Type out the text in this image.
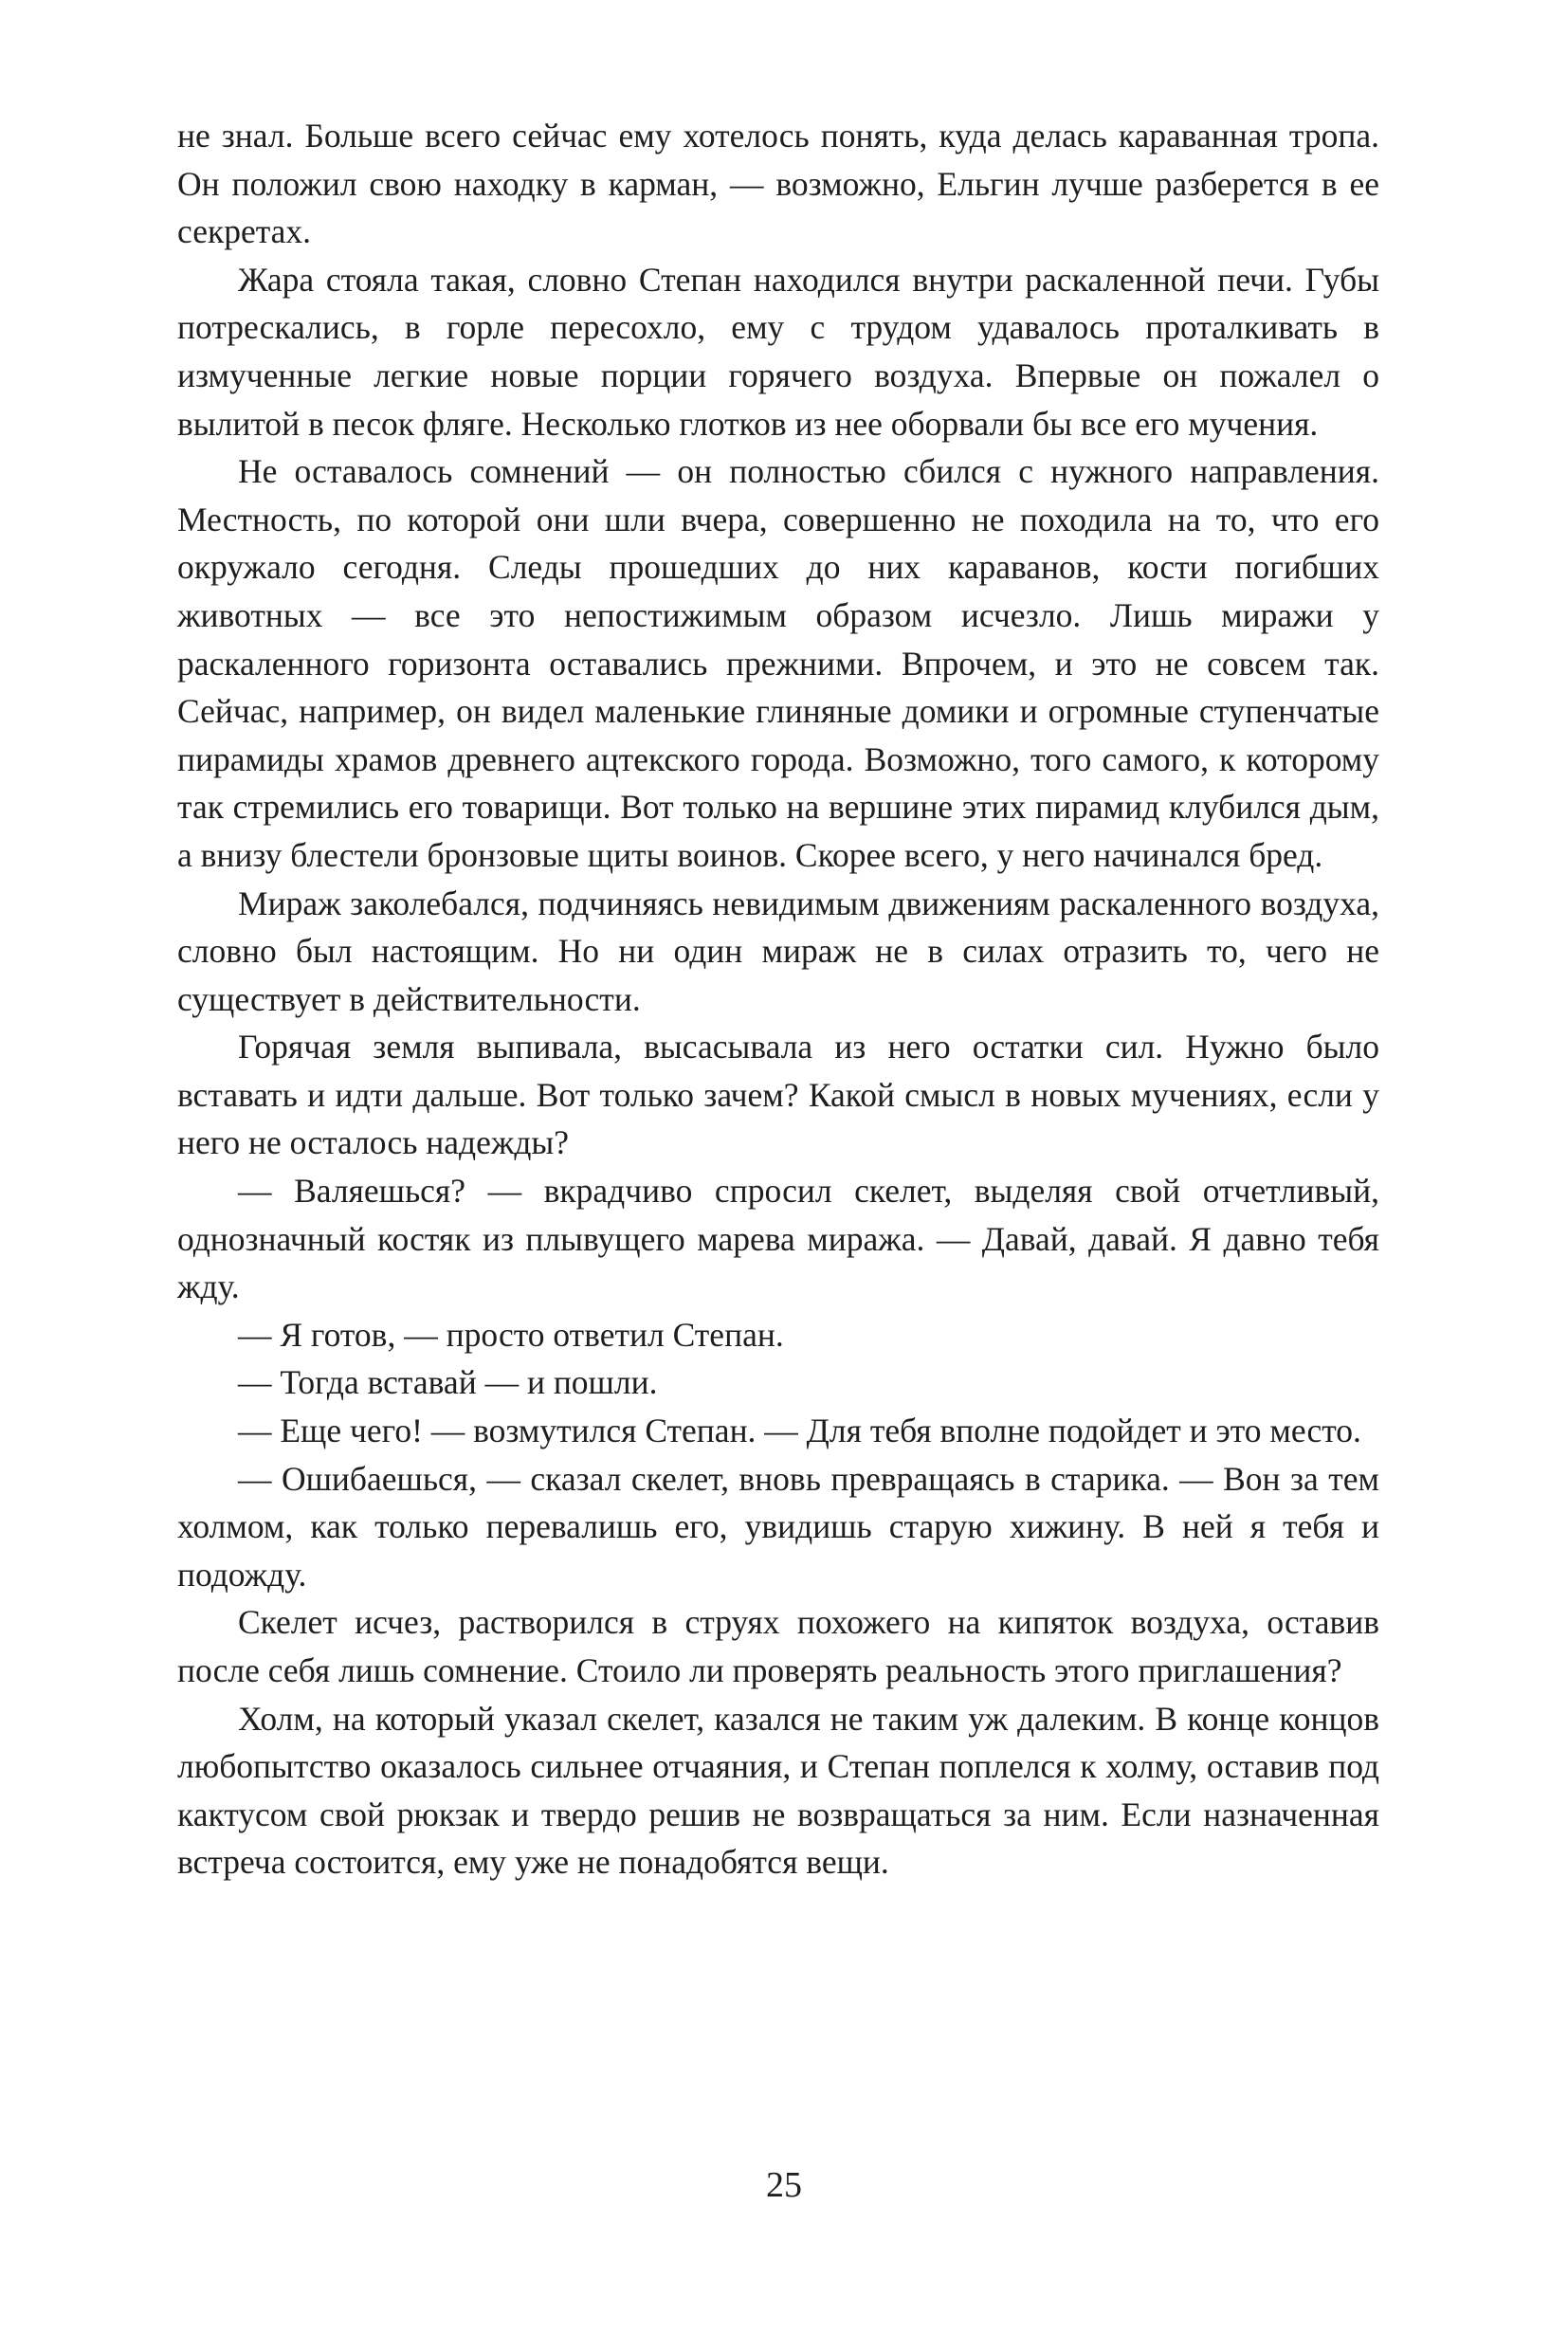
не знал. Больше всего сейчас ему хотелось понять, куда делась караванная тропа. Он положил свою находку в карман, — возможно, Ельгин лучше разберется в ее секретах.

Жара стояла такая, словно Степан находился внутри раскаленной печи. Губы потрескались, в горле пересохло, ему с трудом удавалось проталкивать в измученные легкие новые порции горячего воздуха. Впервые он пожалел о вылитой в песок фляге. Несколько глотков из нее оборвали бы все его мучения.

Не оставалось сомнений — он полностью сбился с нужного направления. Местность, по которой они шли вчера, совершенно не походила на то, что его окружало сегодня. Следы прошедших до них караванов, кости погибших животных — все это непостижимым образом исчезло. Лишь миражи у раскаленного горизонта оставались прежними. Впрочем, и это не совсем так. Сейчас, например, он видел маленькие глиняные домики и огромные ступенчатые пирамиды храмов древнего ацтекского города. Возможно, того самого, к которому так стремились его товарищи. Вот только на вершине этих пирамид клубился дым, а внизу блестели бронзовые щиты воинов. Скорее всего, у него начинался бред.

Мираж заколебался, подчиняясь невидимым движениям раскаленного воздуха, словно был настоящим. Но ни один мираж не в силах отразить то, чего не существует в действительности.

Горячая земля выпивала, высасывала из него остатки сил. Нужно было вставать и идти дальше. Вот только зачем? Какой смысл в новых мучениях, если у него не осталось надежды?

— Валяешься? — вкрадчиво спросил скелет, выделяя свой отчетливый, однозначный костяк из плывущего марева миража. — Давай, давай. Я давно тебя жду.

— Я готов, — просто ответил Степан.

— Тогда вставай — и пошли.

— Еще чего! — возмутился Степан. — Для тебя вполне подойдет и это место.

— Ошибаешься, — сказал скелет, вновь превращаясь в старика. — Вон за тем холмом, как только перевалишь его, увидишь старую хижину. В ней я тебя и подожду.

Скелет исчез, растворился в струях похожего на кипяток воздуха, оставив после себя лишь сомнение. Стоило ли проверять реальность этого приглашения?

Холм, на который указал скелет, казался не таким уж далеким. В конце концов любопытство оказалось сильнее отчаяния, и Степан поплелся к холму, оставив под кактусом свой рюкзак и твердо решив не возвращаться за ним. Если назначенная встреча состоится, ему уже не понадобятся вещи.

25
